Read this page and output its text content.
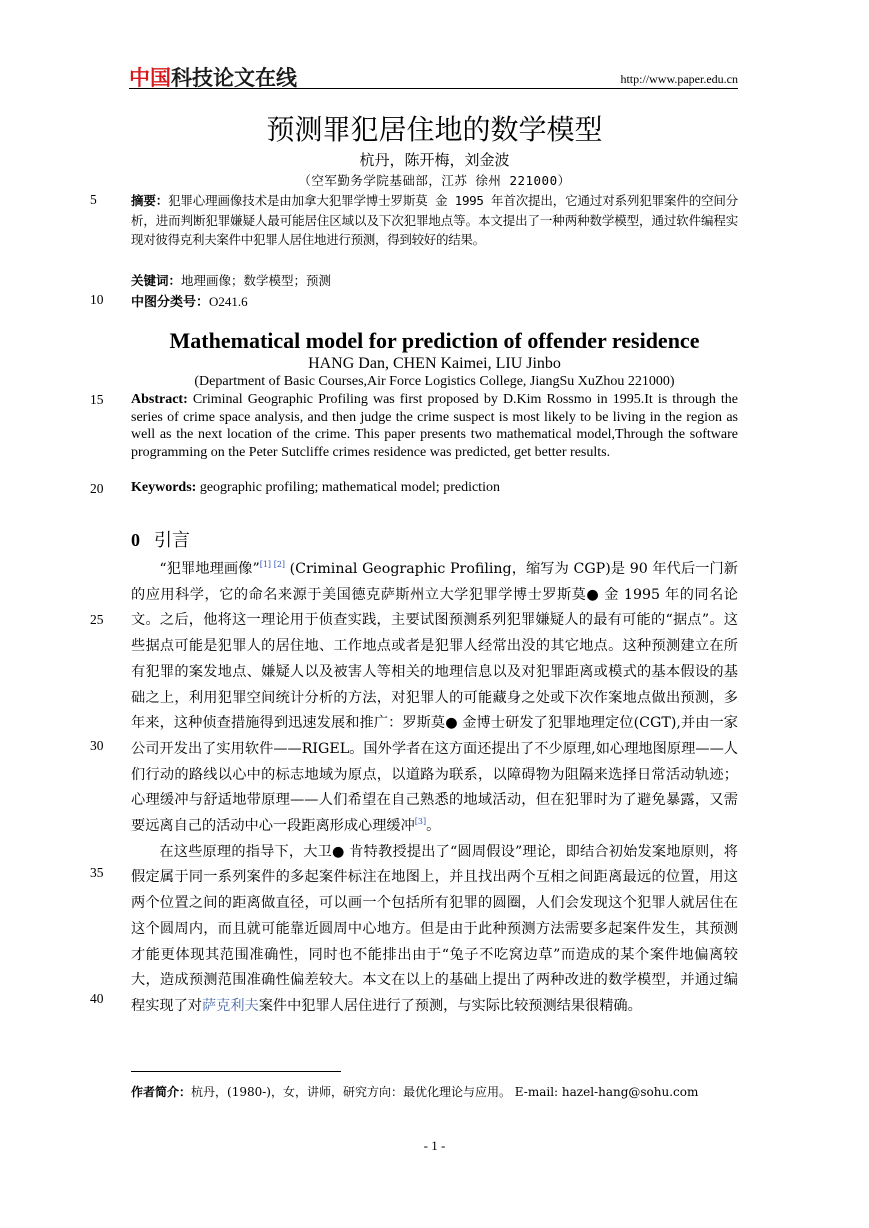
中国科技论文在线	http://www.paper.edu.cn
预测罪犯居住地的数学模型
杭丹，陈开梅，刘金波
（空军勤务学院基础部，江苏 徐州 221000）
5
10
15
20
25
30
35
40
摘要：犯罪心理画像技术是由加拿大犯罪学博士罗斯莫 金 1995 年首次提出，它通过对系列犯罪案件的空间分析，进而判断犯罪嫌疑人最可能居住区域以及下次犯罪地点等。本文提出了一种两种数学模型，通过软件编程实现对彼得克利夫案件中犯罪人居住地进行预测，得到较好的结果。
关键词：地理画像；数学模型；预测
中图分类号：O241.6
Mathematical model for prediction of offender residence
HANG Dan, CHEN Kaimei, LIU Jinbo
(Department of Basic Courses,Air Force Logistics College, JiangSu XuZhou 221000)
Abstract: Criminal Geographic Profiling was first proposed by D.Kim Rossmo in 1995.It is through the series of crime space analysis, and then judge the crime suspect is most likely to be living in the region as well as the next location of the crime. This paper presents two mathematical model,Through the software programming on the Peter Sutcliffe crimes residence was predicted, get better results.
Keywords: geographic profiling; mathematical model; prediction
0 引言

“犯罪地理画像”[1] [2] (Criminal Geographic Profiling，缩写为 CGP)是 90 年代后一门新的应用科学，它的命名来源于美国德克萨斯州立大学犯罪学博士罗斯莫● 金 1995 年的同名论文。之后，他将这一理论用于侦查实践，主要试图预测系列犯罪嫌疑人的最有可能的“据点”。这些据点可能是犯罪人的居住地、工作地点或者是犯罪人经常出没的其它地点。这种预测建立在所有犯罪的案发地点、嫌疑人以及被害人等相关的地理信息以及对犯罪距离或模式的基本假设的基础之上，利用犯罪空间统计分析的方法，对犯罪人的可能藏身之处或下次作案地点做出预测，多年来，这种侦查措施得到迅速发展和推广：罗斯莫● 金博士研发了犯罪地理定位(CGT),并由一家公司开发出了实用软件——RIGEL。国外学者在这方面还提出了不少原理,如心理地图原理——人们行动的路线以心中的标志地域为原点，以道路为联系，以障碍物为阻隔来选择日常活动轨迹；心理缓冲与舒适地带原理——人们希望在自己熟悉的地域活动，但在犯罪时为了避免暴露，又需要远离自己的活动中心一段距离形成心理缓冲[3]。

在这些原理的指导下，大卫● 肯特教授提出了“圆周假设”理论，即结合初始发案地原则，将假定属于同一系列案件的多起案件标注在地图上，并且找出两个互相之间距离最远的位置，用这两个位置之间的距离做直径，可以画一个包括所有犯罪的圆圈，人们会发现这个犯罪人就居住在这个圆周内，而且就可能靠近圆周中心地方。但是由于此种预测方法需要多起案件发生，其预测才能更体现其范围准确性，同时也不能排出由于“兔子不吃窝边草”而造成的某个案件地偏离较大，造成预测范围准确性偏差较大。本文在以上的基础上提出了两种改进的数学模型，并通过编程实现了对萨克利夫案件中犯罪人居住进行了预测，与实际比较预测结果很精确。

作者简介：杭丹，(1980-)，女，讲师，研究方向：最优化理论与应用。 E-mail: hazel-hang@sohu.com
- 1 -
